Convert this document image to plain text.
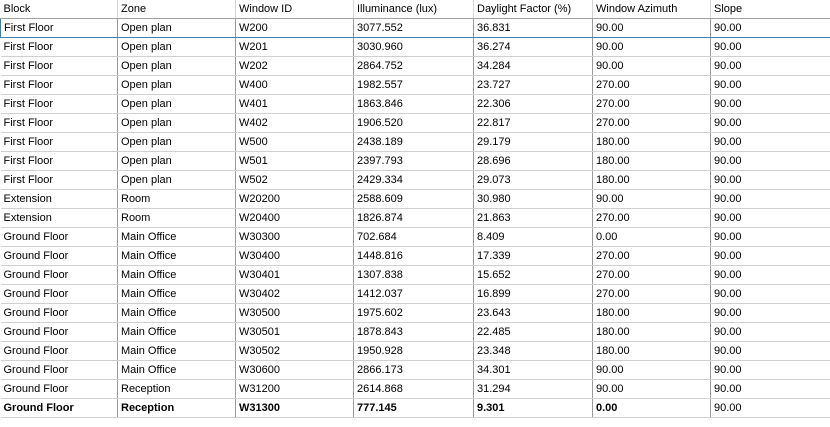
Block	Zone	Window ID	Illuminance (lux)	Daylight Factor (%)	Window Azimuth	Slope
First Floor	Open plan	W200	3077.552	36.831	90.00	90.00
First Floor	Open plan	W201	3030.960	36.274	90.00	90.00
First Floor	Open plan	W202	2864.752	34.284	90.00	90.00
First Floor	Open plan	W400	1982.557	23.727	270.00	90.00
First Floor	Open plan	W401	1863.846	22.306	270.00	90.00
First Floor	Open plan	W402	1906.520	22.817	270.00	90.00
First Floor	Open plan	W500	2438.189	29.179	180.00	90.00
First Floor	Open plan	W501	2397.793	28.696	180.00	90.00
First Floor	Open plan	W502	2429.334	29.073	180.00	90.00
Extension	Room	W20200	2588.609	30.980	90.00	90.00
Extension	Room	W20400	1826.874	21.863	270.00	90.00
Ground Floor	Main Office	W30300	702.684	8.409	0.00	90.00
Ground Floor	Main Office	W30400	1448.816	17.339	270.00	90.00
Ground Floor	Main Office	W30401	1307.838	15.652	270.00	90.00
Ground Floor	Main Office	W30402	1412.037	16.899	270.00	90.00
Ground Floor	Main Office	W30500	1975.602	23.643	180.00	90.00
Ground Floor	Main Office	W30501	1878.843	22.485	180.00	90.00
Ground Floor	Main Office	W30502	1950.928	23.348	180.00	90.00
Ground Floor	Main Office	W30600	2866.173	34.301	90.00	90.00
Ground Floor	Reception	W31200	2614.868	31.294	90.00	90.00
Ground Floor	Reception	W31300	777.145	9.301	0.00	90.00
